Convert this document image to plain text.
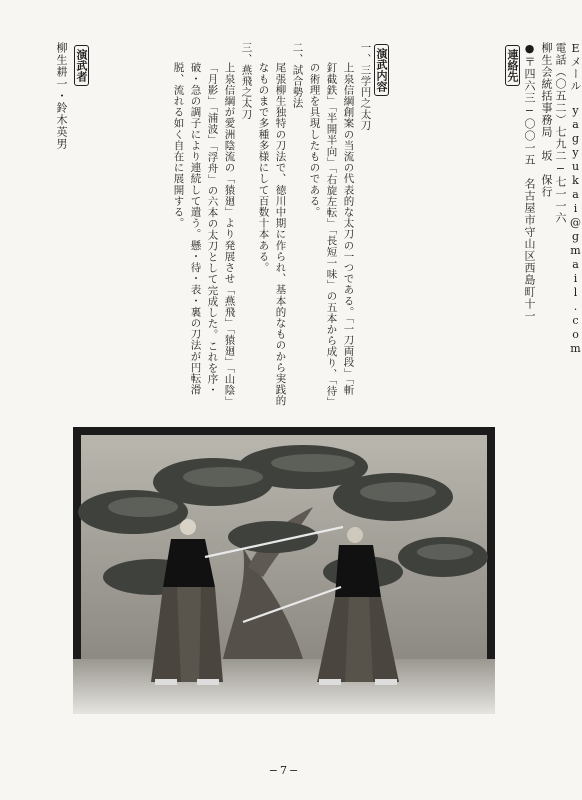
連絡先 ●〒四六三−〇〇一五　名古屋市守山区西島町十一 柳生会統括事務局　坂　保行 電話（〇五二）七九二−七一一六 Eメール　yagyukai@gmail.com
演武内容
一、三学円之太刀
上泉信綱創案の当流の代表的な太刀の一つである。「一刀両段」「斬
釘截鉄」「半開半向」「右旋左転」「長短一味」の五本から成り、「待」
の術理を具現したものである。
二、試合勢法
尾張柳生独特の刀法で、徳川中期に作られ、基本的なものから実践的
なものまで多種多様にして百数十本ある。
三、燕飛之太刀
上泉信綱が愛洲陰流の「猿廻」より発展させ「燕飛」「猿廻」「山陰」
「月影」「浦波」「浮舟」の六本の太刀として完成した。これを序・
破・急の調子により連続して遣う。懸・待・表・裏の刀法が円転滑
脱、流れる如く自在に展開する。
演武者
柳生耕一・鈴木英男
−7−
